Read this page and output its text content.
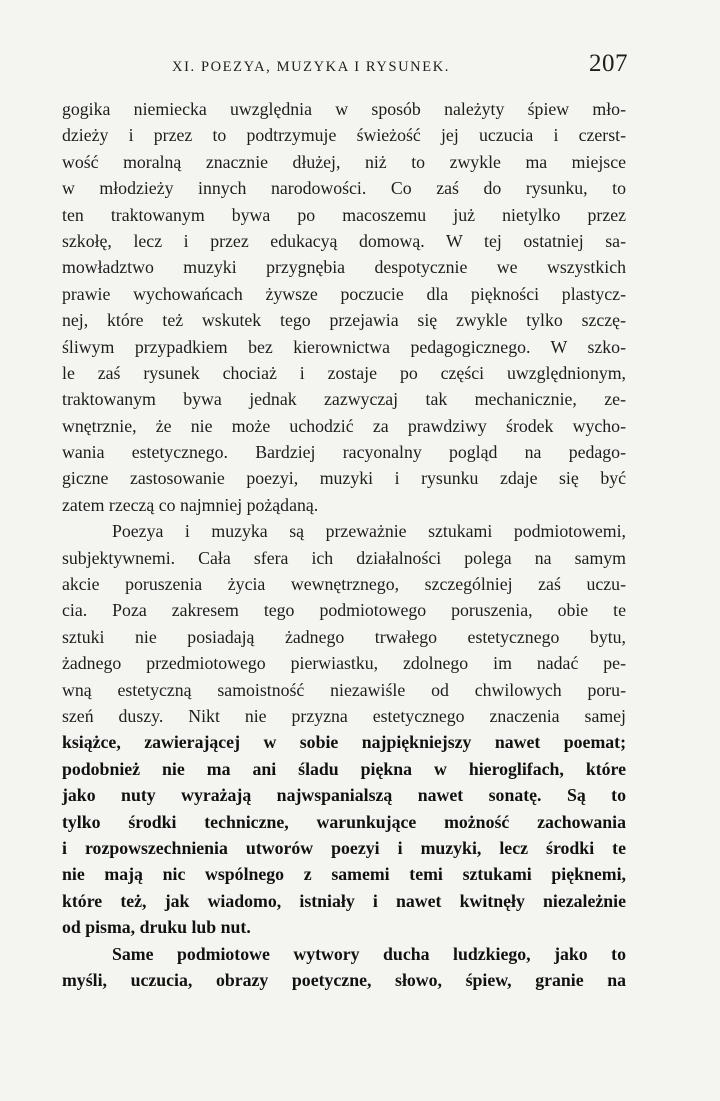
XI. POEZYA, MUZYKA I RYSUNEK.	207
gogika niemiecka uwzględnia w sposób należyty śpiew mło-
dzieży i przez to podtrzymuje świeżość jej uczucia i czerst-
wość moralną znacznie dłużej, niż to zwykle ma miejsce
w młodzieży innych narodowości. Co zaś do rysunku, to
ten traktowanym bywa po macoszemu już nietylko przez
szkołę, lecz i przez edukacyą domową. W tej ostatniej sa-
mowładztwo muzyki przygnębia despotycznie we wszystkich
prawie wychowańcach żywsze poczucie dla piękności plastycz-
nej, które też wskutek tego przejawia się zwykle tylko szczę-
śliwym przypadkiem bez kierownictwa pedagogicznego. W szko-
le zaś rysunek chociaż i zostaje po części uwzględnionym,
traktowanym bywa jednak zazwyczaj tak mechanicznie, ze-
wnętrznie, że nie może uchodzić za prawdziwy środek wycho-
wania estetycznego. Bardziej racyonalny pogląd na pedago-
giczne zastosowanie poezyi, muzyki i rysunku zdaje się być
zatem rzeczą co najmniej pożądaną.
Poezya i muzyka są przeważnie sztukami podmiotowemi,
subjektywnemi. Cała sfera ich działalności polega na samym
akcie poruszenia życia wewnętrznego, szczególniej zaś uczu-
cia. Poza zakresem tego podmiotowego poruszenia, obie te
sztuki nie posiadają żadnego trwałego estetycznego bytu,
żadnego przedmiotowego pierwiastku, zdolnego im nadać pe-
wną estetyczną samoistność niezawiśle od chwilowych poru-
szeń duszy. Nikt nie przyzna estetycznego znaczenia samej
książce, zawierającej w sobie najpiękniejszy nawet poemat;
podobnież nie ma ani śladu piękna w hieroglifach, które
jako nuty wyrażają najwspanialszą nawet sonatę. Są to
tylko środki techniczne, warunkujące możność zachowania
i rozpowszechnienia utworów poezyi i muzyki, lecz środki te
nie mają nic wspólnego z samemi temi sztukami pięknemi,
które też, jak wiadomo, istniały i nawet kwitnęły niezależnie
od pisma, druku lub nut.
Same podmiotowe wytwory ducha ludzkiego, jako to
myśli, uczucia, obrazy poetyczne, słowo, śpiew, granie na
